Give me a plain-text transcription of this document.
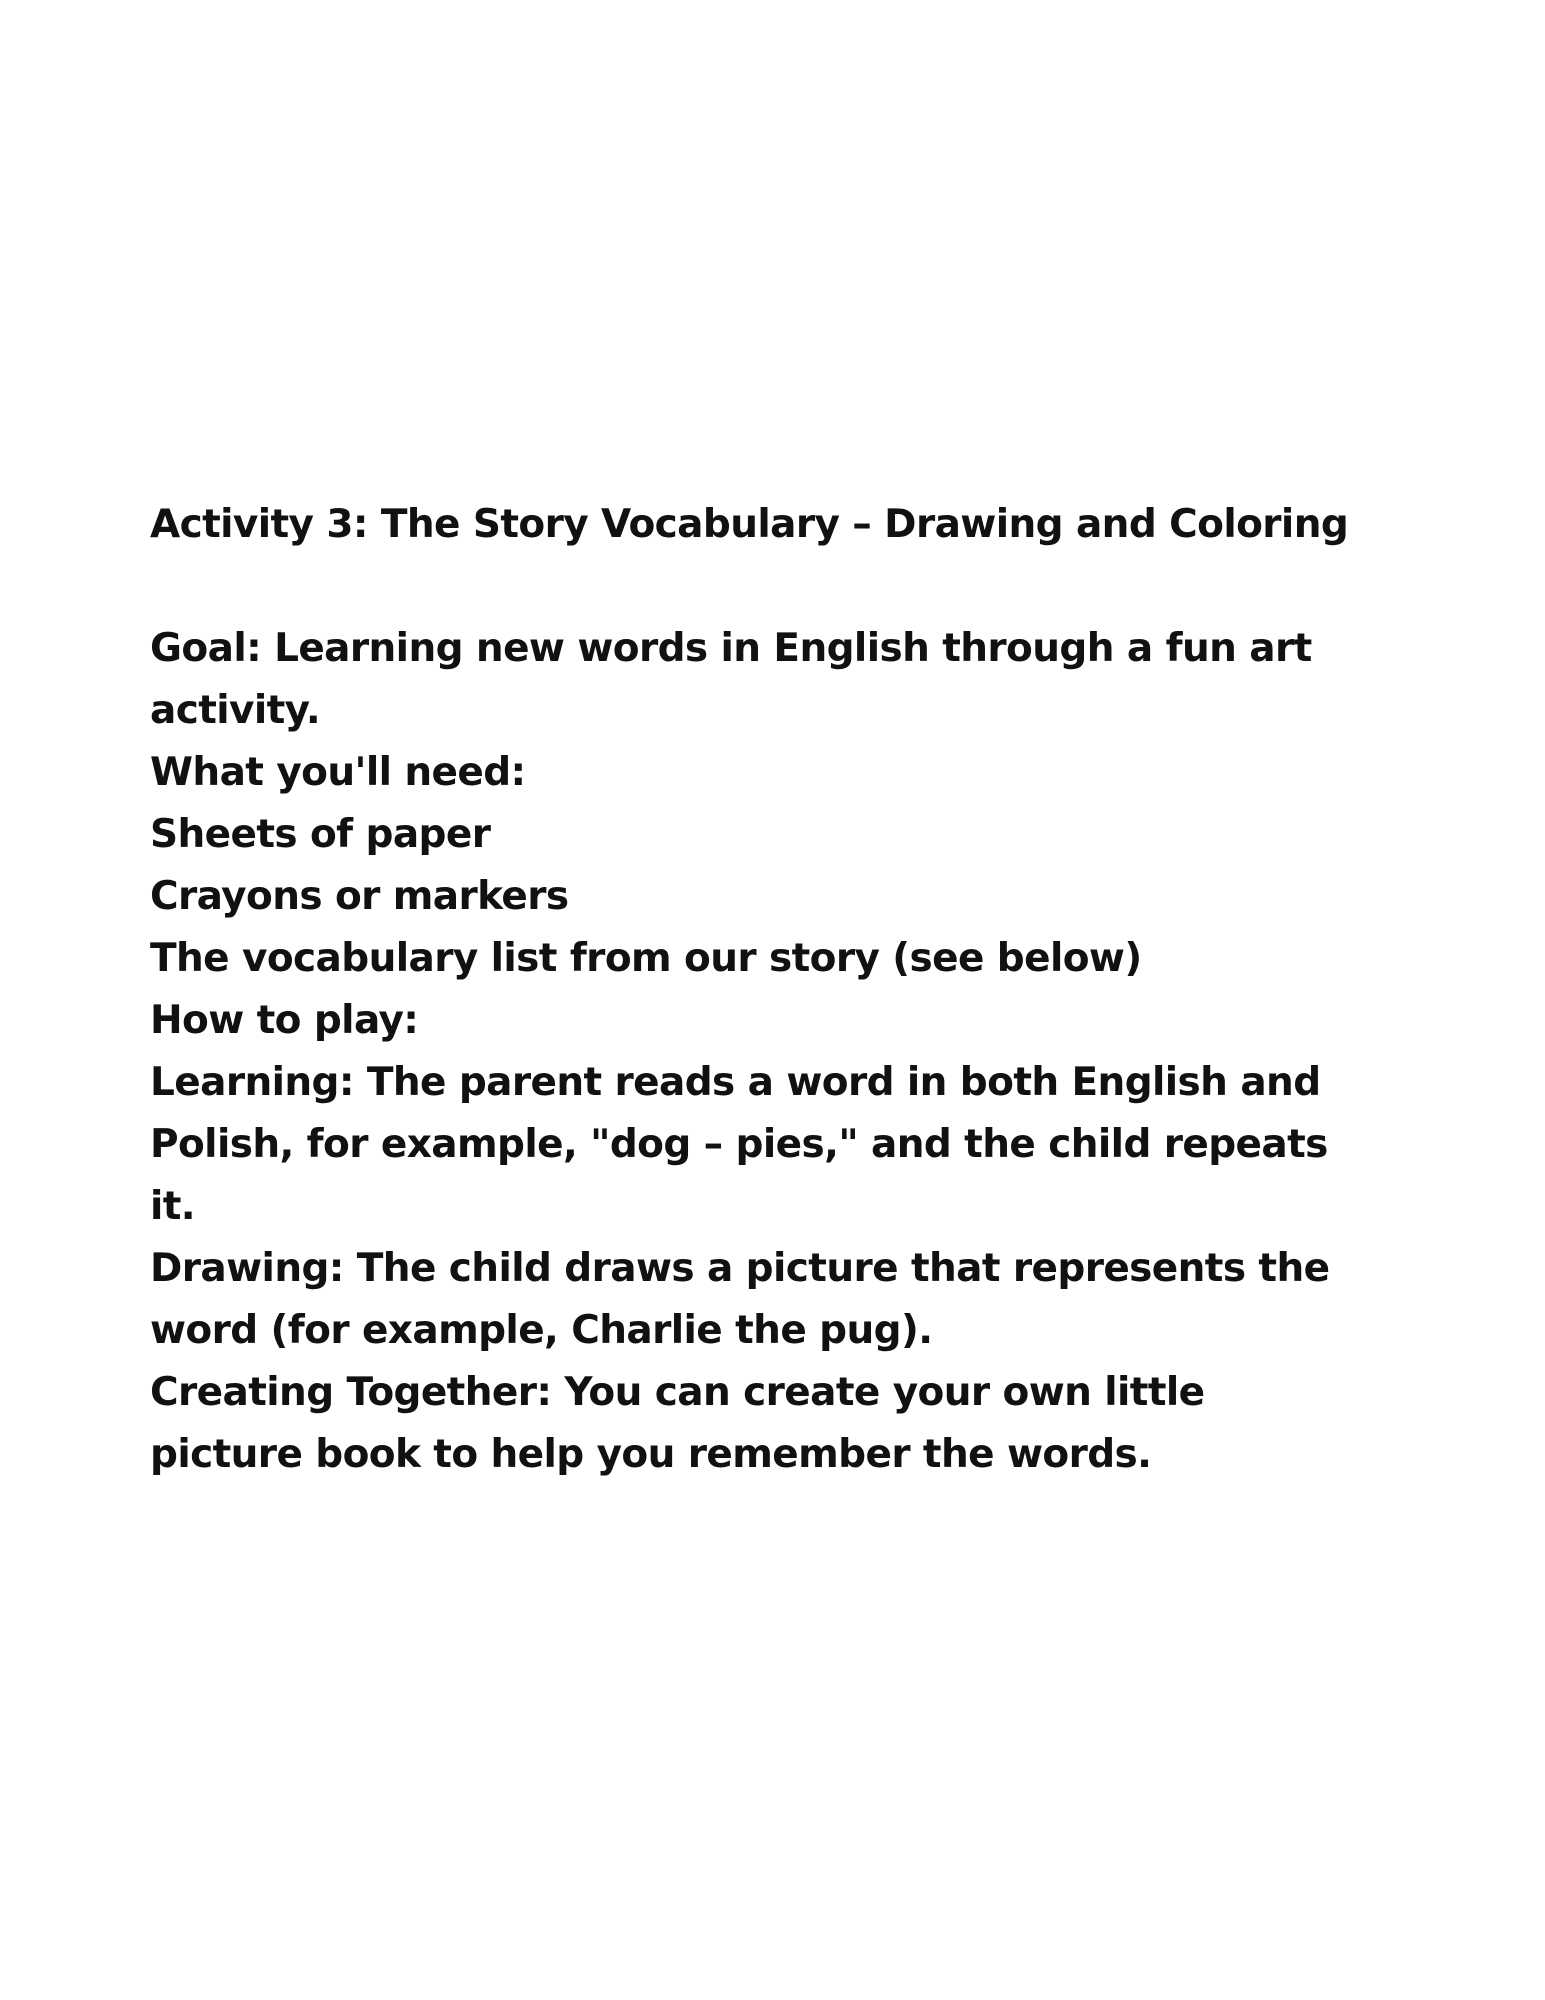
Activity 3: The Story Vocabulary – Drawing and Coloring
Goal: Learning new words in English through a fun art
activity.
What you'll need:
Sheets of paper
Crayons or markers
The vocabulary list from our story (see below)
How to play:
Learning: The parent reads a word in both English and
Polish, for example, "dog – pies," and the child repeats
it.
Drawing: The child draws a picture that represents the
word (for example, Charlie the pug).
Creating Together: You can create your own little
picture book to help you remember the words.
